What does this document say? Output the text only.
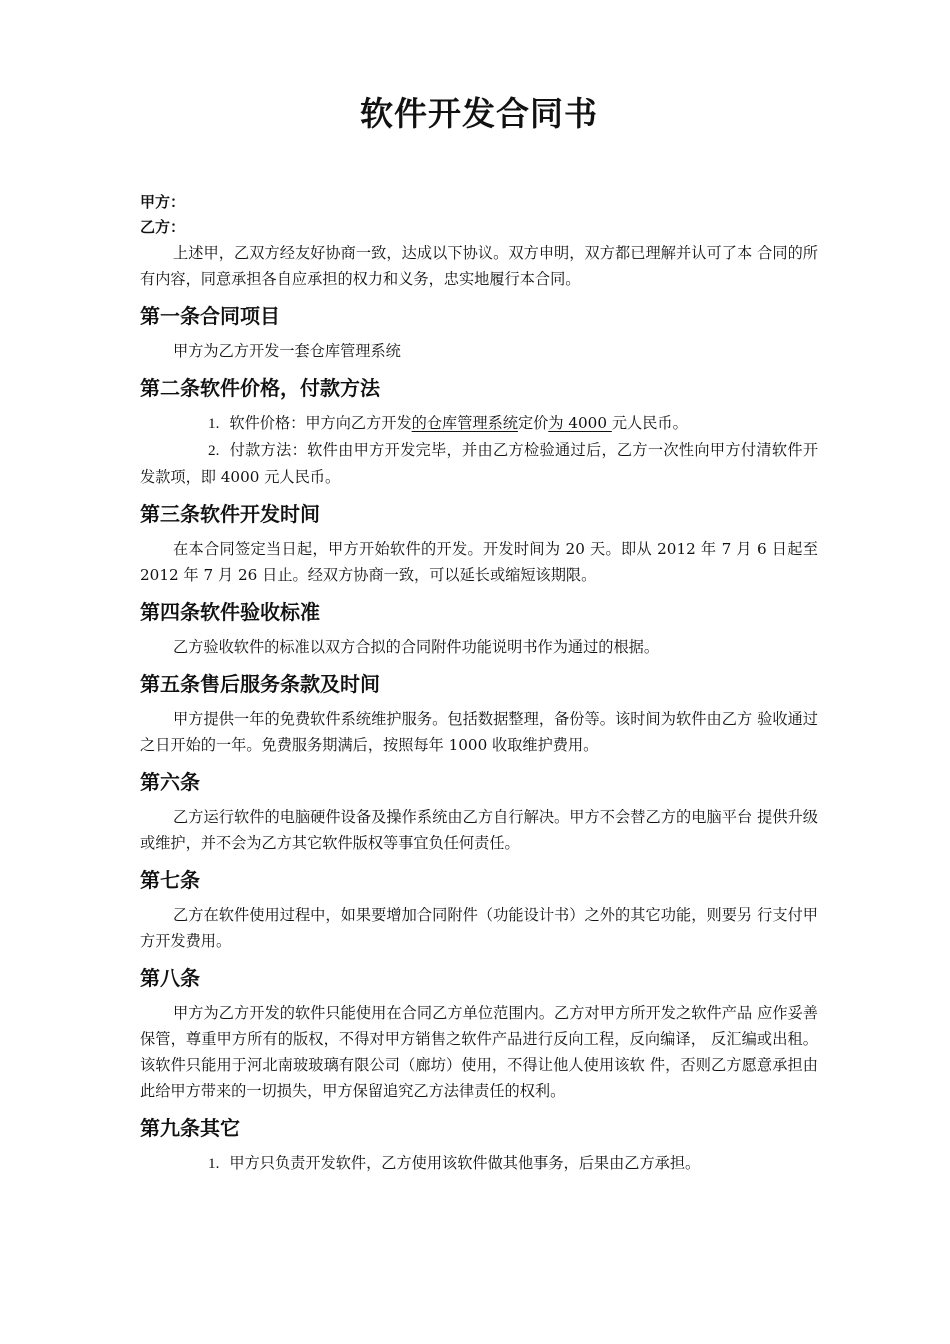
软件开发合同书

甲方：

乙方：

上述甲，乙双方经友好协商一致，达成以下协议。双方申明，双方都已理解并认可了本 合同的所有内容，同意承担各自应承担的权力和义务，忠实地履行本合同。

第一条合同项目

甲方为乙方开发一套仓库管理系统

第二条软件价格，付款方法

1. 软件价格：甲方向乙方开发的仓库管理系统定价为 4000 元人民币。

2. 付款方法：软件由甲方开发完毕，并由乙方检验通过后，乙方一次性向甲方付清软件开发款项，即 4000 元人民币。

第三条软件开发时间

在本合同签定当日起，甲方开始软件的开发。开发时间为 20 天。即从 2012 年 7 月 6 日起至 2012 年 7 月 26 日止。经双方协商一致，可以延长或缩短该期限。

第四条软件验收标准

乙方验收软件的标准以双方合拟的合同附件功能说明书作为通过的根据。

第五条售后服务条款及时间

甲方提供一年的免费软件系统维护服务。包括数据整理，备份等。该时间为软件由乙方 验收通过之日开始的一年。免费服务期满后，按照每年 1000 收取维护费用。

第六条

乙方运行软件的电脑硬件设备及操作系统由乙方自行解决。甲方不会替乙方的电脑平台 提供升级或维护，并不会为乙方其它软件版权等事宜负任何责任。

第七条

乙方在软件使用过程中，如果要增加合同附件（功能设计书）之外的其它功能，则要另 行支付甲方开发费用。

第八条

甲方为乙方开发的软件只能使用在合同乙方单位范围内。乙方对甲方所开发之软件产品 应作妥善保管，尊重甲方所有的版权，不得对甲方销售之软件产品进行反向工程，反向编译， 反汇编或出租。该软件只能用于河北南玻玻璃有限公司（廊坊）使用，不得让他人使用该软 件，否则乙方愿意承担由此给甲方带来的一切损失，甲方保留追究乙方法律责任的权利。

第九条其它

1. 甲方只负责开发软件，乙方使用该软件做其他事务，后果由乙方承担。
